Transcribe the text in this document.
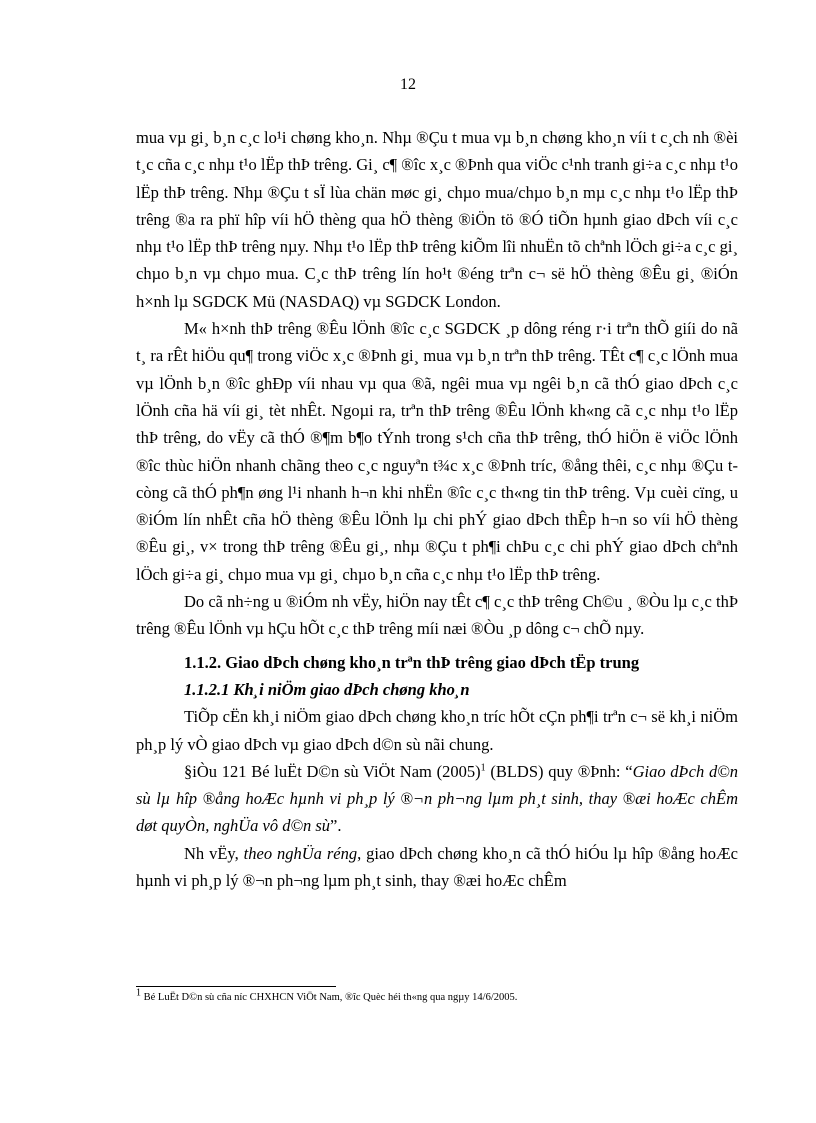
12

mua vµ gi¸ b¸n c¸c lo¹i chøng kho¸n. Nhµ ®Çu t mua vµ b¸n chøng kho¸n víi t c¸ch nh ®èi t¸c cña c¸c nhµ t¹o lËp thÞ trêng. Gi¸ c¶ ®îc x¸c ®Þnh qua viÖc c¹nh tranh gi÷a c¸c nhµ t¹o lËp thÞ trêng. Nhµ ®Çu t sÏ lùa chän møc gi¸ chµo mua/chµo b¸n mµ c¸c nhµ t¹o lËp thÞ trêng ®a ra phï hîp víi hÖ thèng qua hÖ thèng ®iÖn tö ®Ó tiÕn hµnh giao dÞch víi c¸c nhµ t¹o lËp thÞ trêng nµy. Nhµ t¹o lËp thÞ trêng kiÕm lîi nhuËn tõ chªnh lÖch gi÷a c¸c gi¸ chµo b¸n vµ chµo mua. C¸c thÞ trêng lín ho¹t ®éng trªn c¬ së hÖ thèng ®Êu gi¸ ®iÓn h×nh lµ SGDCK Mü (NASDAQ) vµ SGDCK London.

M« h×nh thÞ trêng ®Êu lÖnh ®îc c¸c SGDCK ¸p dông réng r·i trªn thÕ giíi do nã t¸ ra rÊt hiÖu qu¶ trong viÖc x¸c ®Þnh gi¸ mua vµ b¸n trªn thÞ trêng. TÊt c¶ c¸c lÖnh mua vµ lÖnh b¸n ®îc ghÐp víi nhau vµ qua ®ã, ngêi mua vµ ngêi b¸n cã thÓ giao dÞch c¸c lÖnh cña hä víi gi¸ tèt nhÊt. Ngoµi ra, trªn thÞ trêng ®Êu lÖnh kh«ng cã c¸c nhµ t¹o lËp thÞ trêng, do vËy cã thÓ ®¶m b¶o tÝnh trong s¹ch cña thÞ trêng, thÓ hiÖn ë viÖc lÖnh ®îc thùc hiÖn nhanh chãng theo c¸c nguyªn t¾c x¸c ®Þnh tríc, ®ång thêi, c¸c nhµ ®Çu t còng cã thÓ ph¶n øng l¹i nhanh h¬n khi nhËn ®îc c¸c th«ng tin thÞ trêng. Vµ cuèi cïng, u ®iÓm lín nhÊt cña hÖ thèng ®Êu lÖnh lµ chi phÝ giao dÞch thÊp h¬n so víi hÖ thèng ®Êu gi¸, v× trong thÞ trêng ®Êu gi¸, nhµ ®Çu t ph¶i chÞu c¸c chi phÝ giao dÞch chªnh lÖch gi÷a gi¸ chµo mua vµ gi¸ chµo b¸n cña c¸c nhµ t¹o lËp thÞ trêng.

Do cã nh÷ng u ®iÓm nh vËy, hiÖn nay tÊt c¶ c¸c thÞ trêng Ch©u ¸ ®Òu lµ c¸c thÞ trêng ®Êu lÖnh vµ hÇu hÕt c¸c thÞ trêng míi næi ®Òu ¸p dông c¬ chÕ nµy.

1.1.2. Giao dÞch chøng kho¸n trªn thÞ trêng giao dÞch tËp trung

1.1.2.1 Kh¸i niÖm giao dÞch chøng kho¸n

TiÕp cËn kh¸i niÖm giao dÞch chøng kho¸n tríc hÕt cÇn ph¶i trªn c¬ së kh¸i niÖm ph¸p lý vÒ giao dÞch vµ giao dÞch d©n sù nãi chung.

§iÒu 121 Bé luËt D©n sù ViÖt Nam $(2005)^1$ (BLDS) quy ®Þnh: “Giao dÞch d©n sù lµ hîp ®ång hoÆc hµnh vi ph¸p lý ®¬n ph¬ng lµm ph¸t sinh, thay ®æi hoÆc chÊm døt quyÒn, nghÜa vô d©n sù”.

Nh vËy, theo nghÜa réng, giao dÞch chøng kho¸n cã thÓ hiÓu lµ hîp ®ång hoÆc hµnh vi ph¸p lý ®¬n ph¬ng lµm ph¸t sinh, thay ®æi hoÆc chÊm

$^1$ Bé LuËt D©n sù cña níc CHXHCN ViÖt Nam, ®îc Quèc héi th«ng qua ngµy 14/6/2005.
